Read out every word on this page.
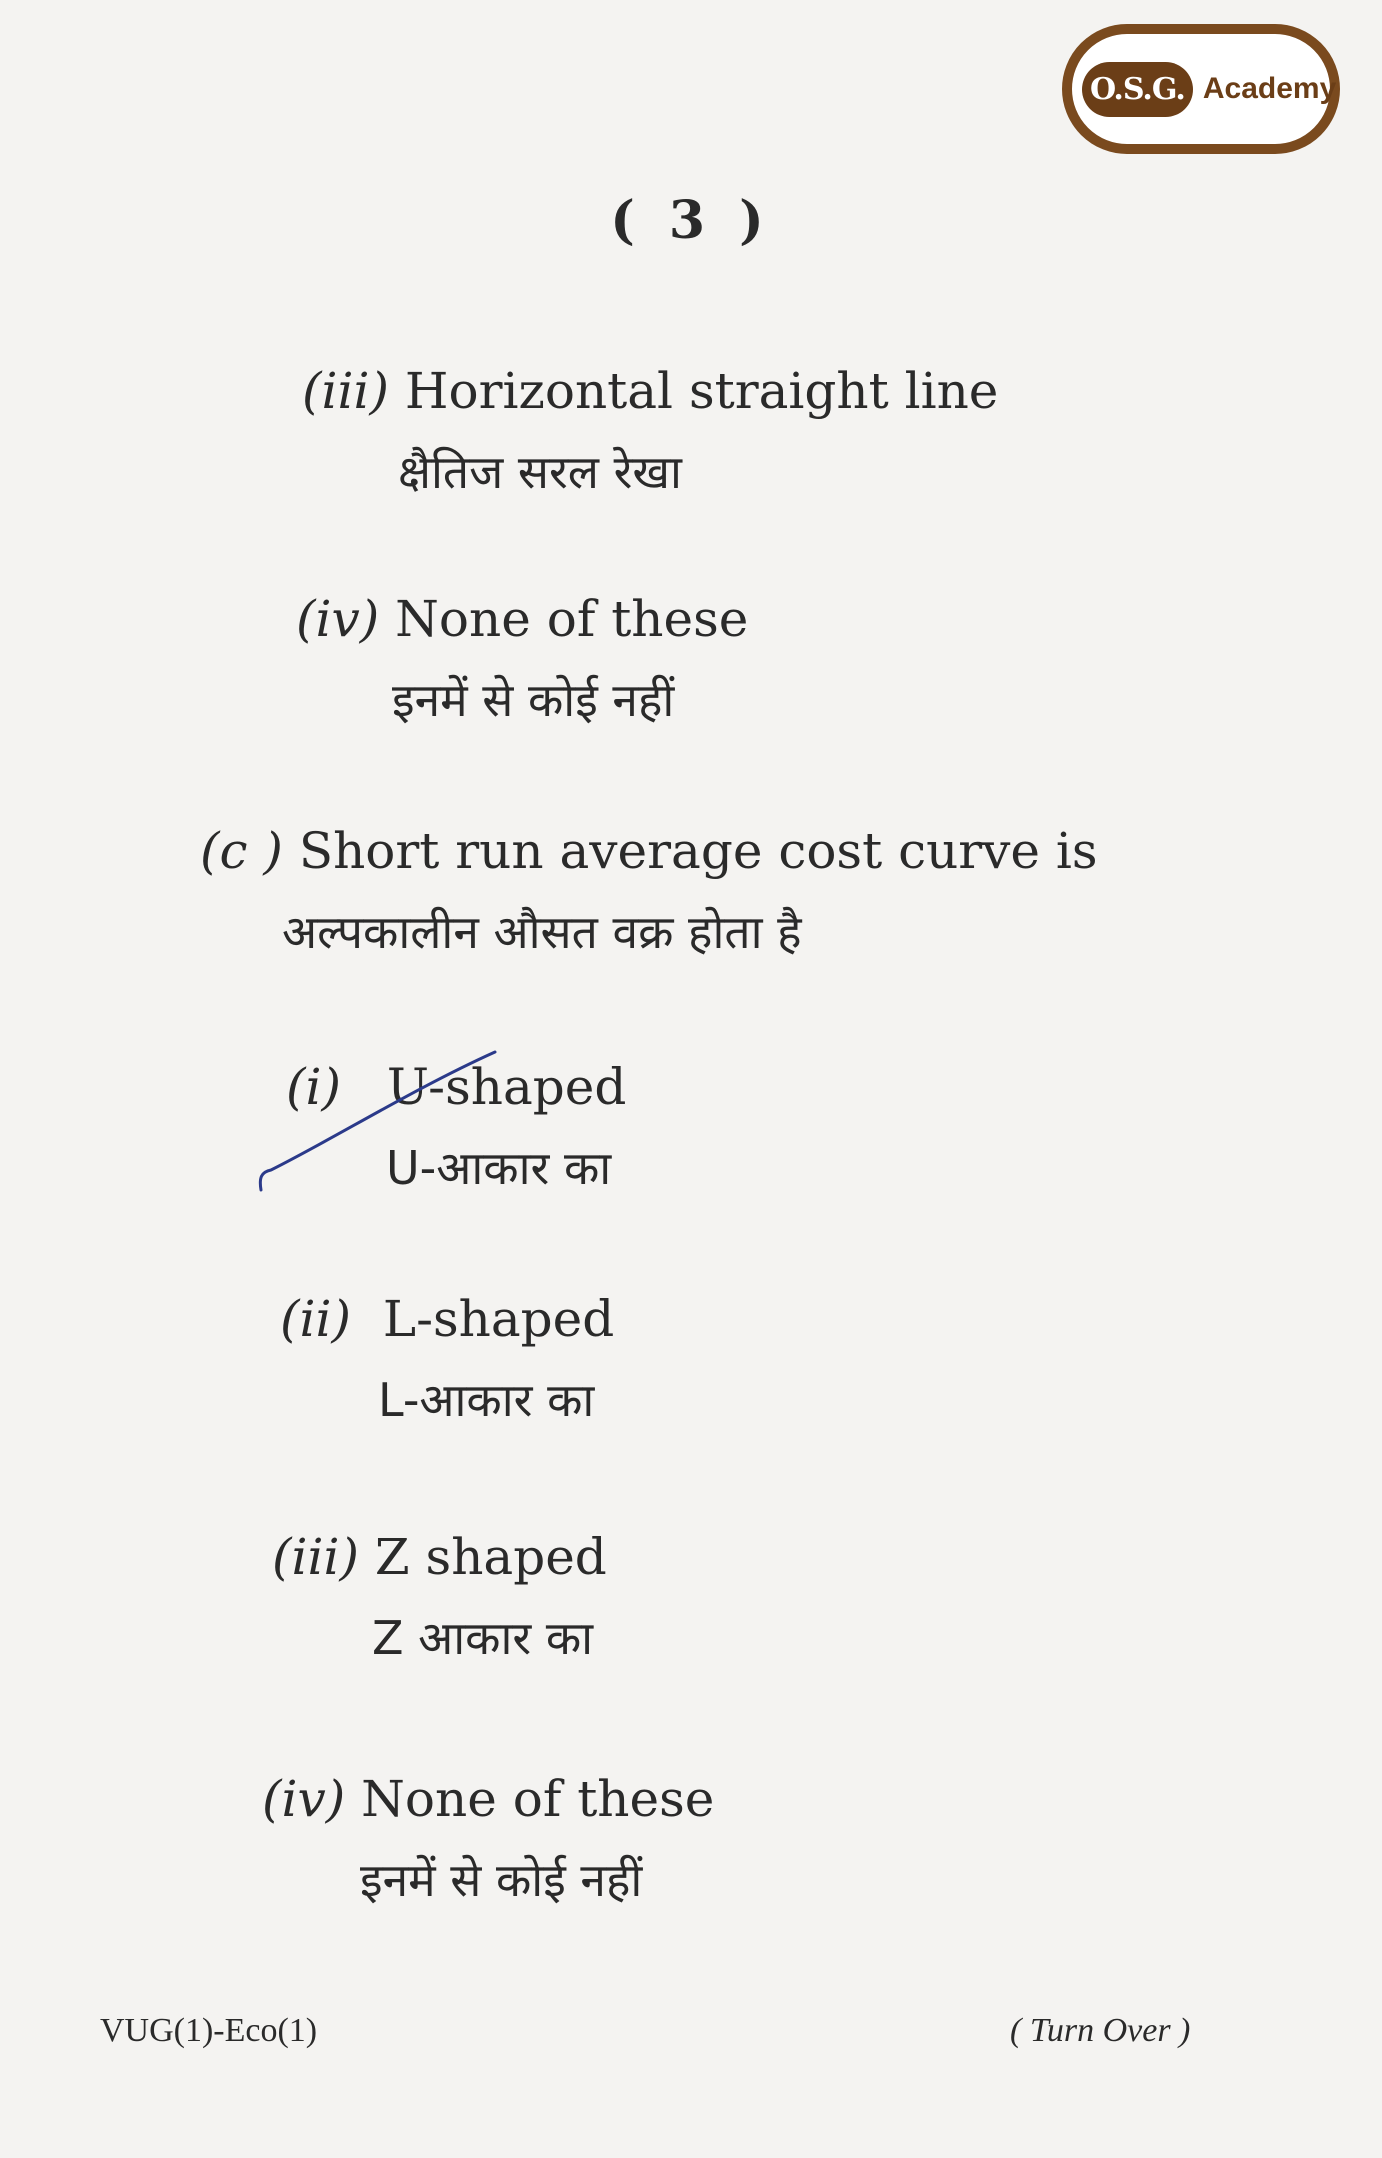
O.S.G. Academy
( 3 )
(iii) Horizontal straight line
क्षैतिज सरल रेखा
(iv) None of these
इनमें से कोई नहीं
(c ) Short run average cost curve is
अल्पकालीन औसत वक्र होता है
(i) U-shaped
U-आकार का
(ii) L-shaped
L-आकार का
(iii) Z shaped
Z आकार का
(iv) None of these
इनमें से कोई नहीं
VUG(1)-Eco(1)	( Turn Over )
